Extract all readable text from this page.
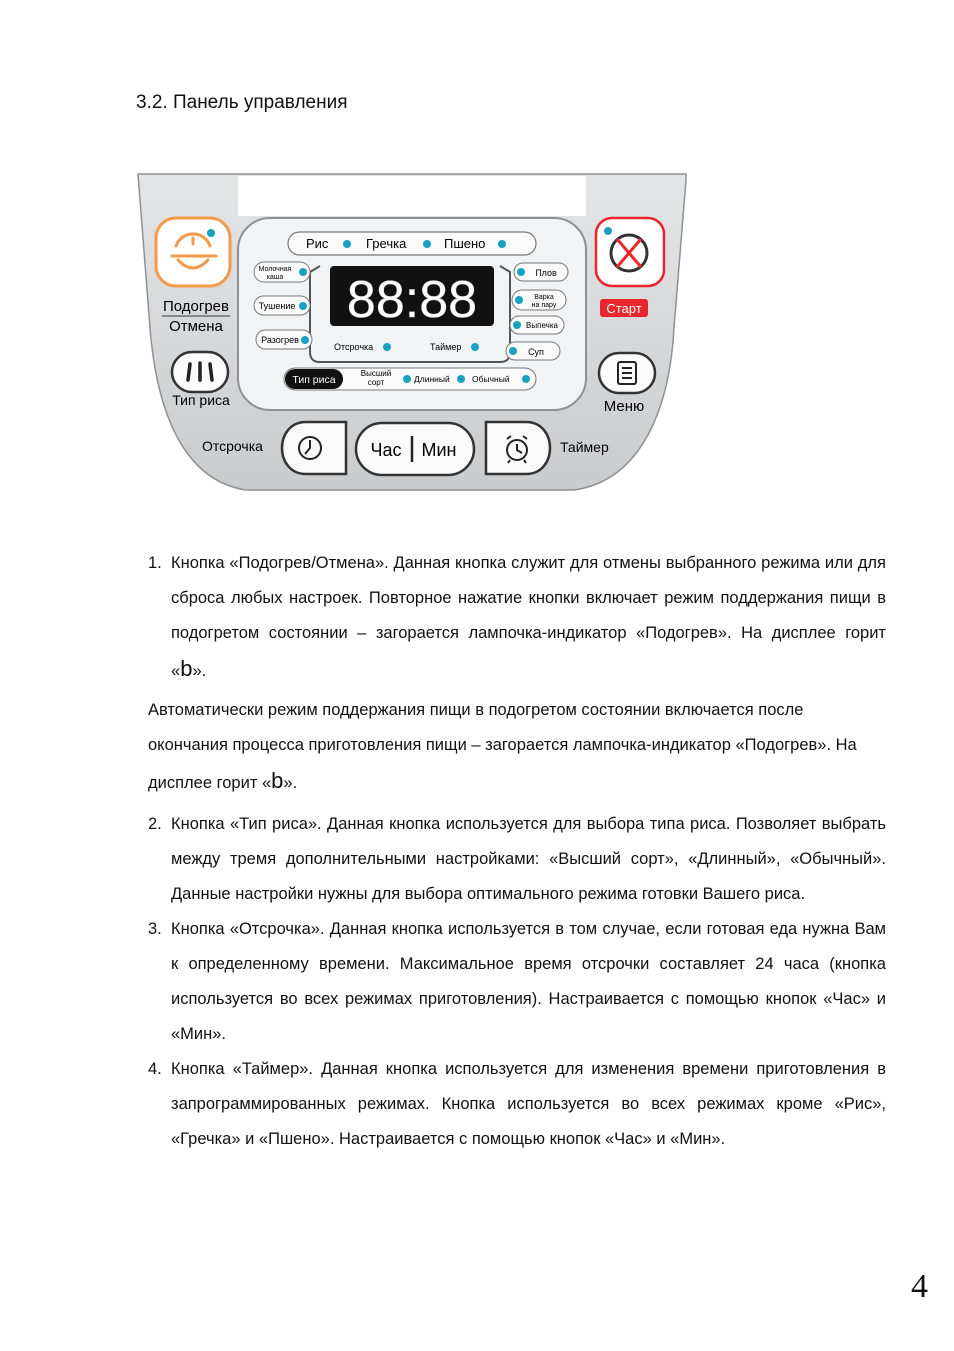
3.2. Панель управления
Рис	Гречка	Пшено
88:88
Молочная
каша
Тушение
Разогрев
Плов
Варка
на пару
Выпечка
Суп
Отсрочка	Таймер
Тип риса
Высший
сорт	Длинный	Обычный
Подогрев
Отмена
Тип риса
Старт
Меню
Отсрочка	Час Мин	Таймер
1. Кнопка «Подогрев/Отмена». Данная кнопка служит для отмены выбранного режима или для сброса любых настроек. Повторное нажатие кнопки включает режим поддержания пищи в подогретом состоянии – загорается лампочка-индикатор «Подогрев». На дисплее горит «b».
Автоматически режим поддержания пищи в подогретом состоянии включается после окончания процесса приготовления пищи – загорается лампочка-индикатор «Подогрев». На дисплее горит «b».
2. Кнопка «Тип риса». Данная кнопка используется для выбора типа риса. Позволяет выбрать между тремя дополнительными настройками: «Высший сорт», «Длинный», «Обычный». Данные настройки нужны для выбора оптимального режима готовки Вашего риса.
3. Кнопка «Отсрочка». Данная кнопка используется в том случае, если готовая еда нужна Вам к определенному времени. Максимальное время отсрочки составляет 24 часа (кнопка используется во всех режимах приготовления). Настраивается с помощью кнопок «Час» и «Мин».
4. Кнопка «Таймер». Данная кнопка используется для изменения времени приготовления в запрограммированных режимах. Кнопка используется во всех режимах кроме «Рис», «Гречка» и «Пшено». Настраивается с помощью кнопок «Час» и «Мин».
4
